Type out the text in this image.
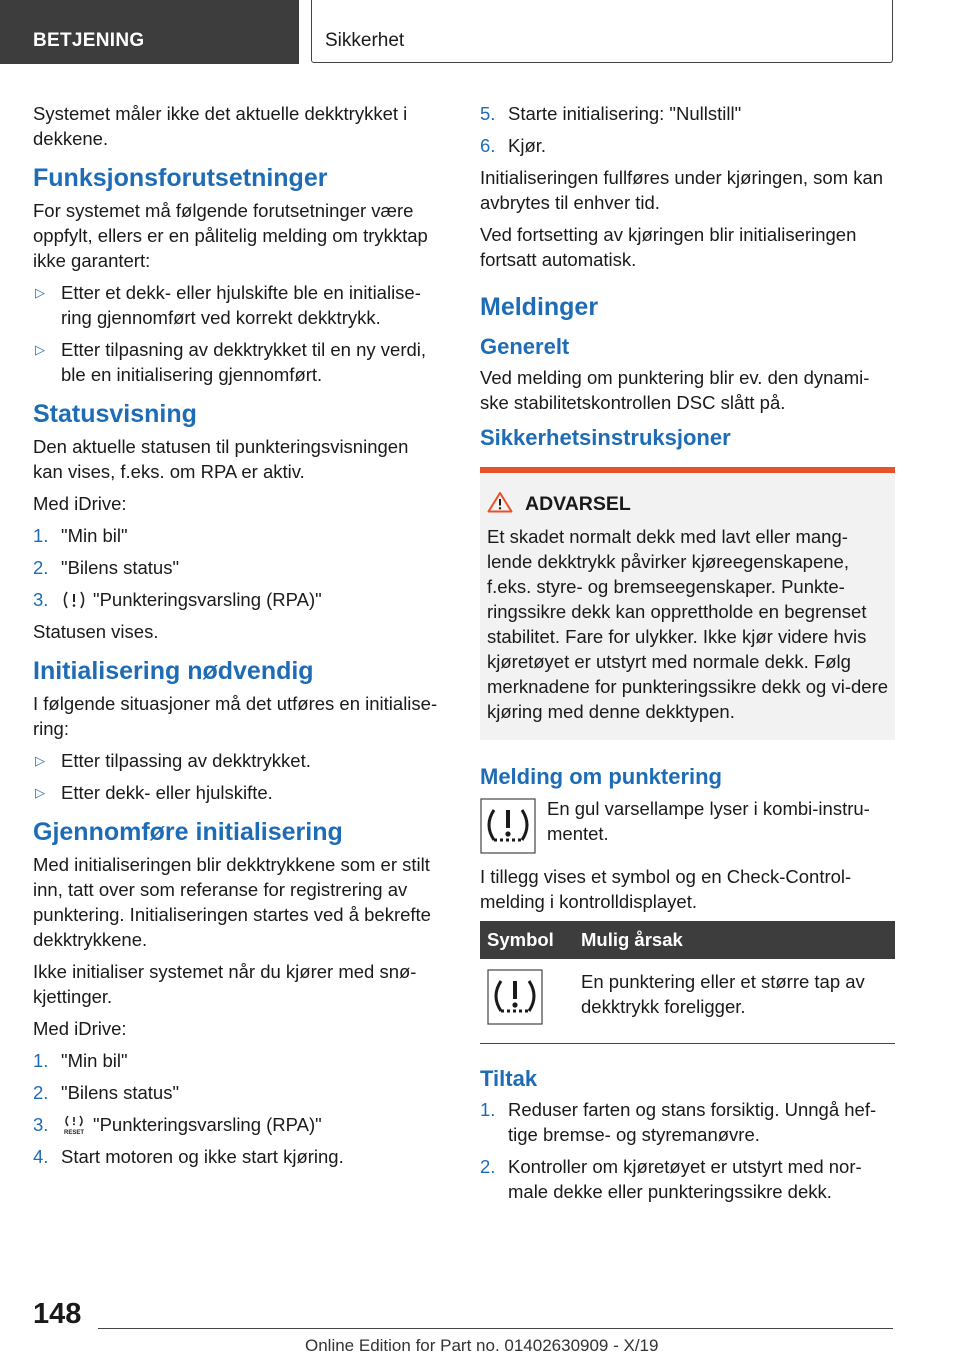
BETJENING	Sikkerhet

Systemet måler ikke det aktuelle dekktrykket i dekkene.

Funksjonsforutsetninger

For systemet må følgende forutsetninger være oppfylt, ellers er en pålitelig melding om trykktap ikke garantert:

▷ Etter et dekk- eller hjulskifte ble en initialise-ring gjennomført ved korrekt dekktrykk.
▷ Etter tilpasning av dekktrykket til en ny verdi, ble en initialisering gjennomført.
Statusvisning

Den aktuelle statusen til punkteringsvisningen kan vises, f.eks. om RPA er aktiv.

Med iDrive:

1. "Min bil"
2. "Bilens status"
3. "Punkteringsvarsling (RPA)"

Statusen vises.

Initialisering nødvendig

I følgende situasjoner må det utføres en initialise-ring:

▷ Etter tilpassing av dekktrykket.
▷ Etter dekk- eller hjulskifte.
Gjennomføre initialisering

Med initialiseringen blir dekktrykkene som er stilt inn, tatt over som referanse for registrering av punktering. Initialiseringen startes ved å bekrefte dekktrykkene.

Ikke initialiser systemet når du kjører med snø-kjettinger.

Med iDrive:

1. "Min bil"
2. "Bilens status"
3.	RESET "Punkteringsvarsling (RPA)"
4. Start motoren og ikke start kjøring.
5. Starte initialisering: "Nullstill"
6. Kjør.

Initialiseringen fullføres under kjøringen, som kan avbrytes til enhver tid.

Ved fortsetting av kjøringen blir initialiseringen fortsatt automatisk.

Meldinger
Generelt

Ved melding om punktering blir ev. den dynami-ske stabilitetskontrollen DSC slått på.

Sikkerhetsinstruksjoner
ADVARSEL

Et skadet normalt dekk med lavt eller mang-lende dekktrykk påvirker kjøreegenskapene, f.eks. styre- og bremseegenskaper. Punkte-ringssikre dekk kan opprettholde en begrenset stabilitet. Fare for ulykker. Ikke kjør videre hvis kjøretøyet er utstyrt med normale dekk. Følg merknadene for punkteringssikre dekk og vi-dere kjøring med denne dekktypen.

Melding om punktering

En gul varsellampe lyser i kombi-instru-mentet.

I tillegg vises et symbol og en Check-Control-melding i kontrolldisplayet.

Symbol	Mulig årsak
	En punktering eller et større tap av dekktrykk foreligger.
Tiltak
1. Reduser farten og stans forsiktig. Unngå hef-tige bremse- og styremanøvre.
2. Kontroller om kjøretøyet er utstyrt med nor-male dekke eller punkteringssikre dekk.
148
Online Edition for Part no. 01402630909 - X/19
